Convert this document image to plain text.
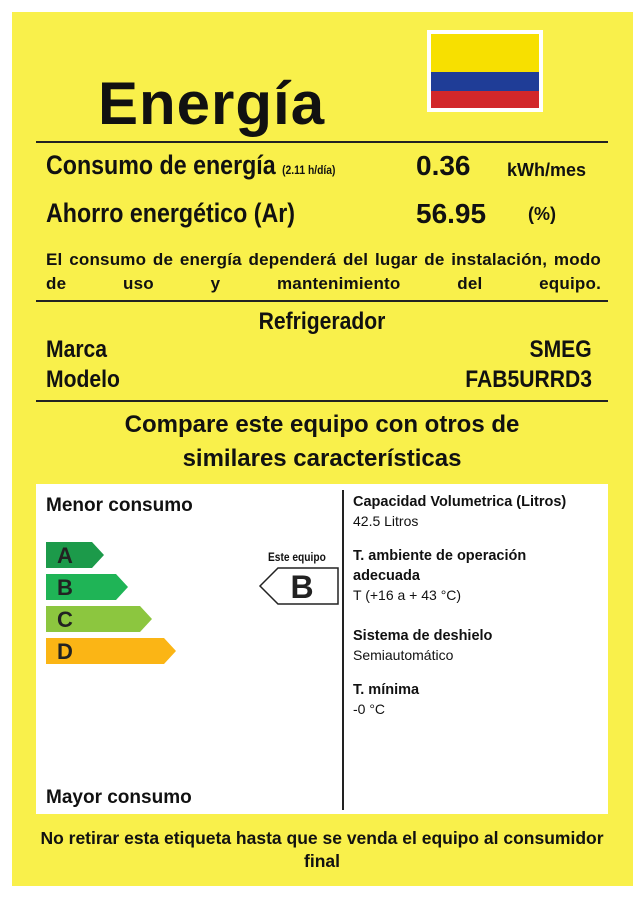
Energía
Consumo de energía (2.11 h/día)	0.36 kWh/mes
Ahorro energético (Ar)	56.95 (%)
El consumo de energía dependerá del lugar de instalación, modo de uso y mantenimiento del equipo.
Refrigerador
Marca	SMEG
Modelo	FAB5URRD3
Compare este equipo con otros de
similares características
Menor consumo
Mayor consumo
A
B
C
D
Este equipo
B
Capacidad Volumetrica (Litros)
42.5 Litros
T. ambiente de operación adecuada
T (+16 a + 43 °C)
Sistema de deshielo
Semiautomático
T. mínima
-0 °C
No retirar esta etiqueta hasta que se venda el equipo al consumidor final
